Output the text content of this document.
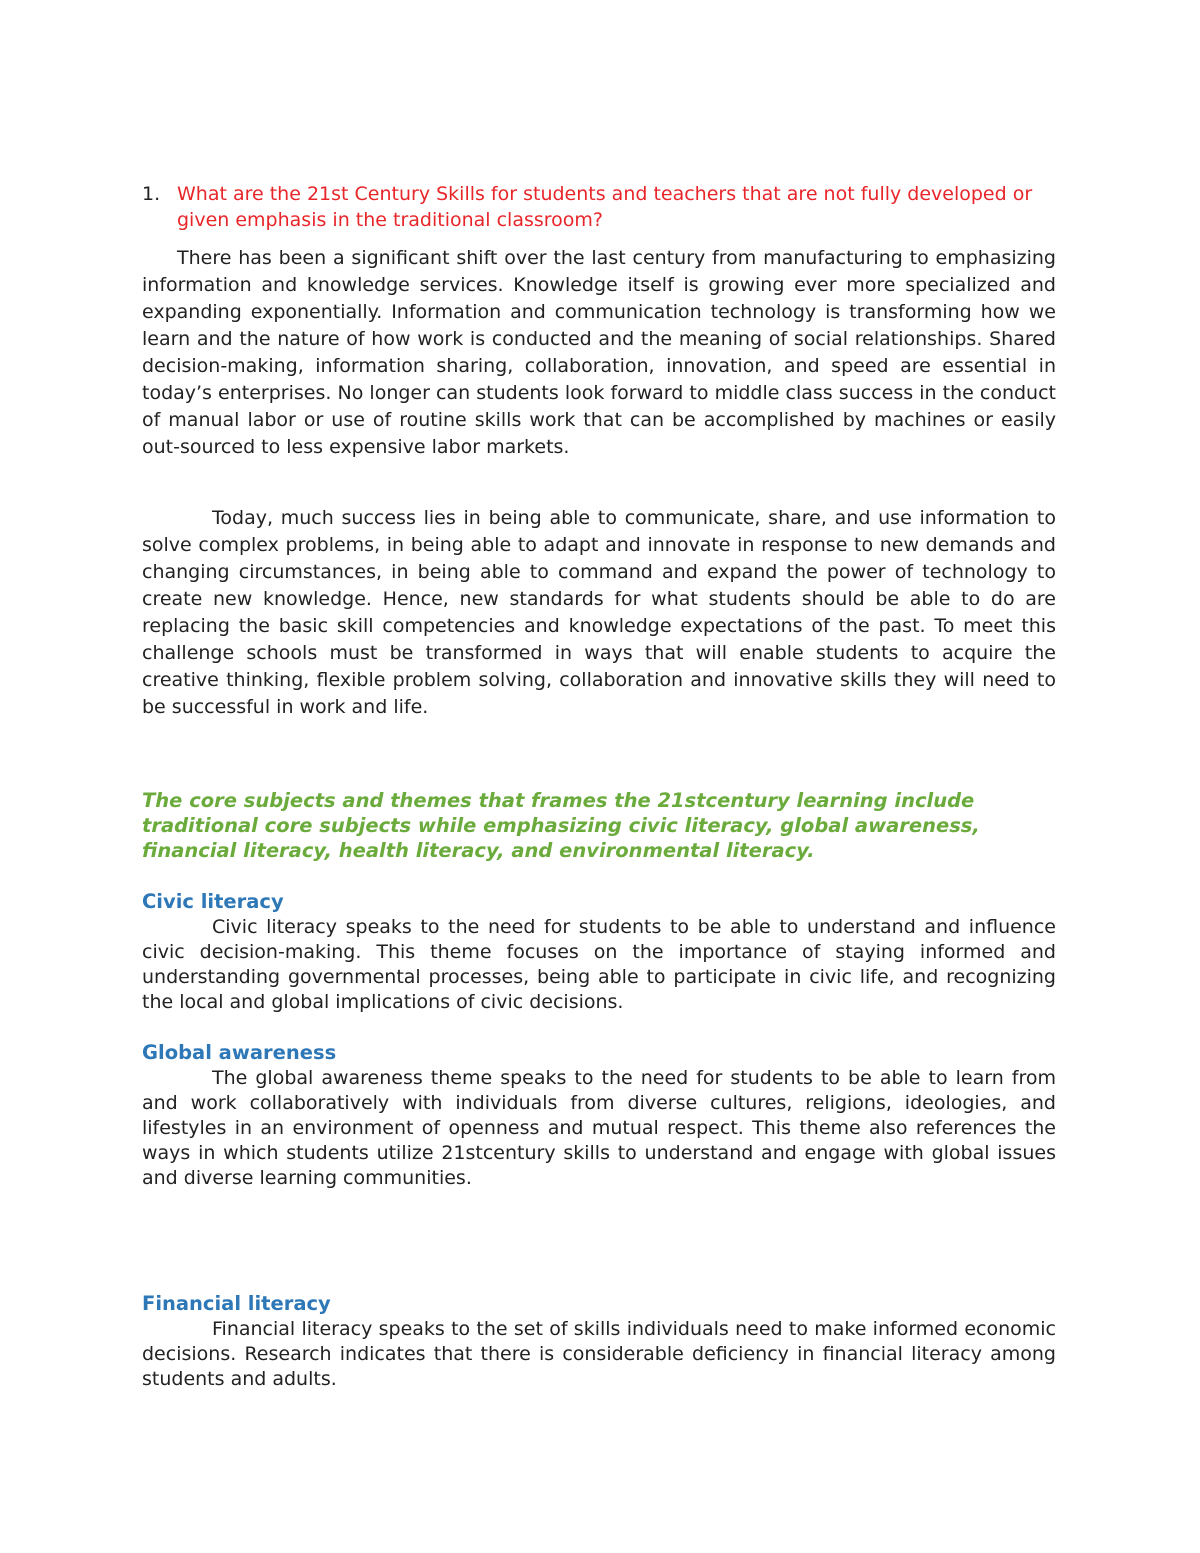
1. What are the 21st Century Skills for students and teachers that are not fully developed or given emphasis in the traditional classroom?

There has been a significant shift over the last century from manufacturing to emphasizing information and knowledge services. Knowledge itself is growing ever more specialized and expanding exponentially. Information and communication technology is transforming how we learn and the nature of how work is conducted and the meaning of social relationships. Shared decision-making, information sharing, collaboration, innovation, and speed are essential in today’s enterprises. No longer can students look forward to middle class success in the conduct of manual labor or use of routine skills work that can be accomplished by machines or easily out-sourced to less expensive labor markets.

Today, much success lies in being able to communicate, share, and use information to solve complex problems, in being able to adapt and innovate in response to new demands and changing circumstances, in being able to command and expand the power of technology to create new knowledge. Hence, new standards for what students should be able to do are replacing the basic skill competencies and knowledge expectations of the past. To meet this challenge schools must be transformed in ways that will enable students to acquire the creative thinking, flexible problem solving, collaboration and innovative skills they will need to be successful in work and life.

The core subjects and themes that frames the 21stcentury learning include traditional core subjects while emphasizing civic literacy, global awareness, financial literacy, health literacy, and environmental literacy.

Civic literacy

Civic literacy speaks to the need for students to be able to understand and influence civic decision-making. This theme focuses on the importance of staying informed and understanding governmental processes, being able to participate in civic life, and recognizing the local and global implications of civic decisions.

Global awareness

The global awareness theme speaks to the need for students to be able to learn from and work collaboratively with individuals from diverse cultures, religions, ideologies, and lifestyles in an environment of openness and mutual respect. This theme also references the ways in which students utilize 21stcentury skills to understand and engage with global issues and diverse learning communities.

Financial literacy

Financial literacy speaks to the set of skills individuals need to make informed economic decisions. Research indicates that there is considerable deficiency in financial literacy among students and adults.
